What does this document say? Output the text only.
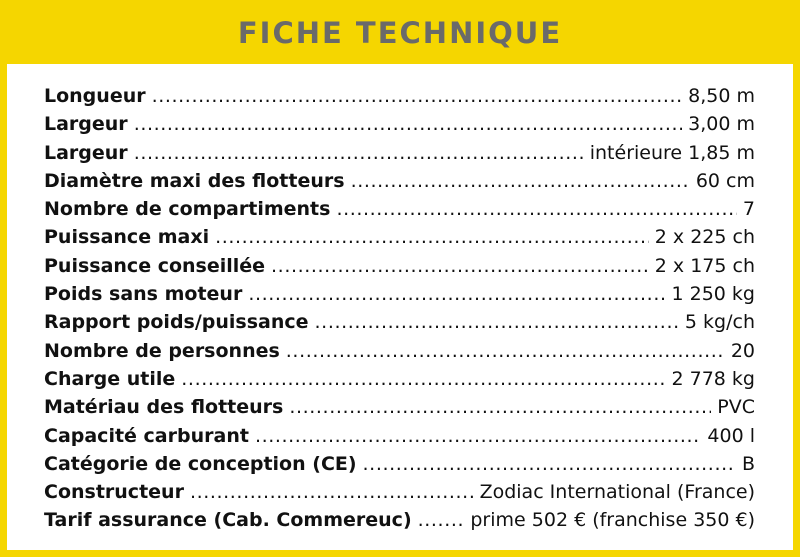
FICHE TECHNIQUE
Longueur .....	8,50 m
Largeur .....	3,00 m
Largeur .....	intérieure 1,85 m
Diamètre maxi des flotteurs .....	60 cm
Nombre de compartiments .....	7
Puissance maxi .....	2 x 225 ch
Puissance conseillée .....	2 x 175 ch
Poids sans moteur .....	1 250 kg
Rapport poids/puissance .....	5 kg/ch
Nombre de personnes .....	20
Charge utile .....	2 778 kg
Matériau des flotteurs .....	PVC
Capacité carburant .....	400 l
Catégorie de conception (CE) .....	B
Constructeur .....	Zodiac International (France)
Tarif assurance (Cab. Commereuc) .....	prime 502 € (franchise 350 €)
